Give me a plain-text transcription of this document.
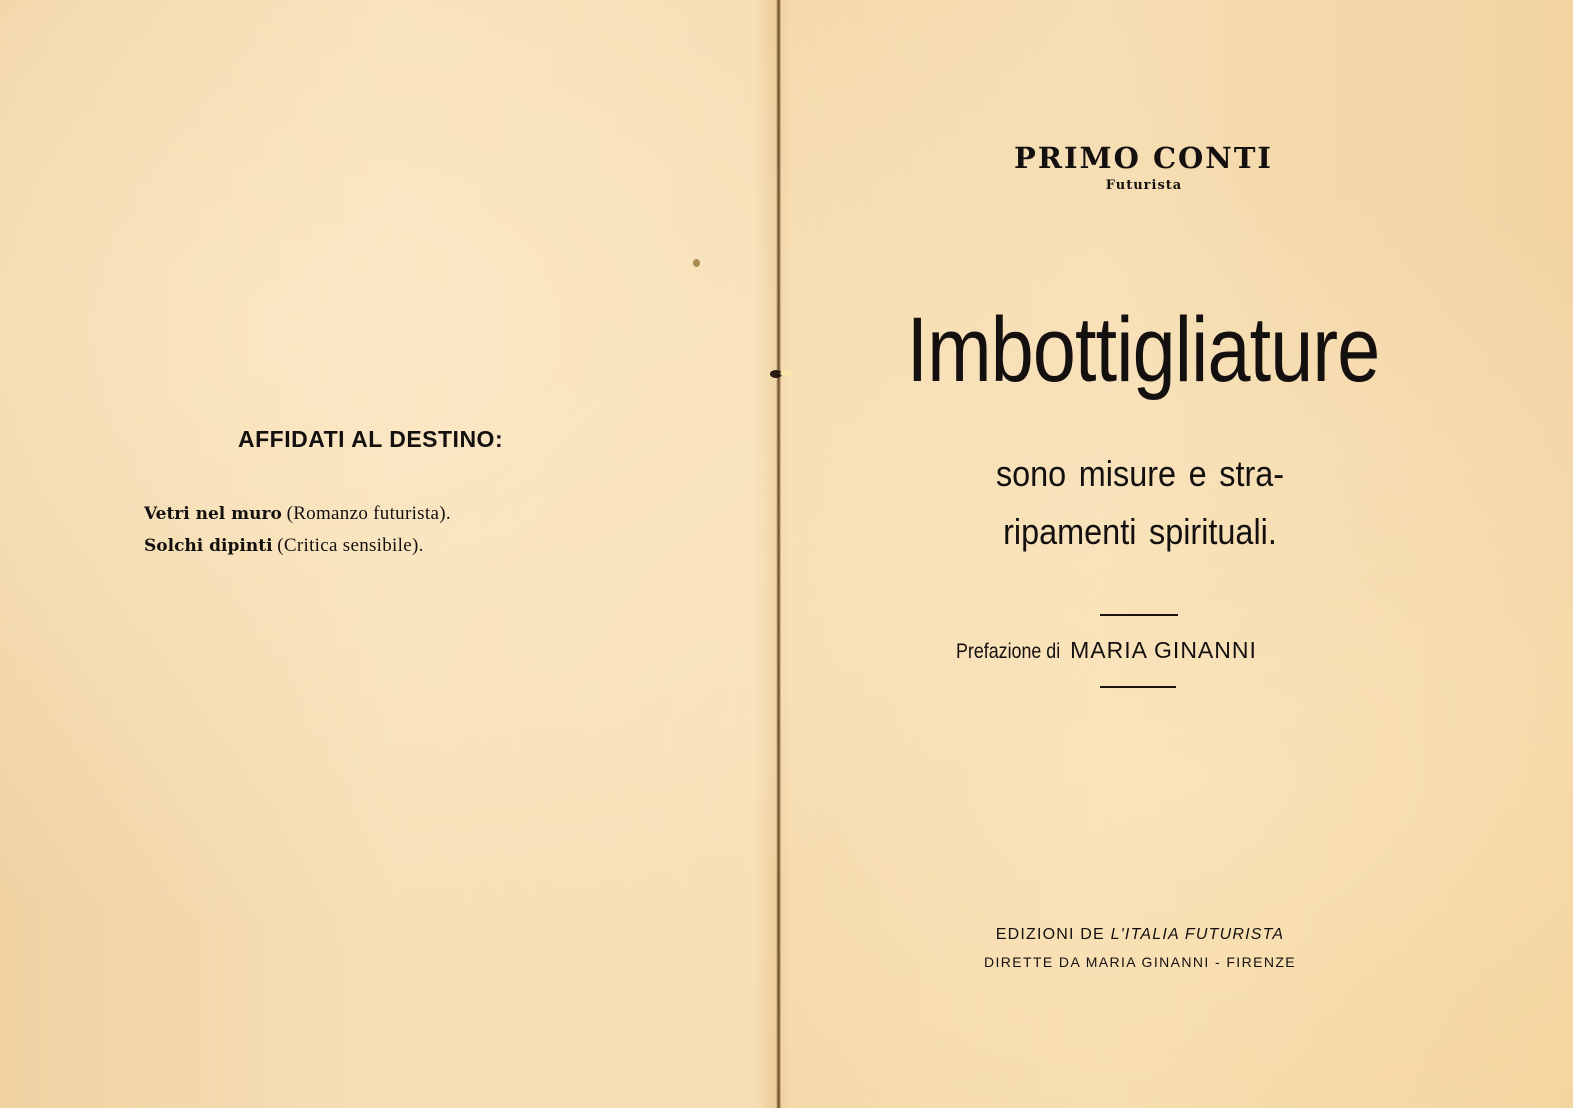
AFFIDATI AL DESTINO:
Vetri nel muro (Romanzo futurista).
Solchi dipinti (Critica sensibile).
PRIMO CONTI
Futurista
Imbottigliature
sono misure e stra-
ripamenti spirituali.
Prefazione di MARIA GINANNI
EDIZIONI DE L'ITALIA FUTURISTA
DIRETTE DA MARIA GINANNI - FIRENZE
